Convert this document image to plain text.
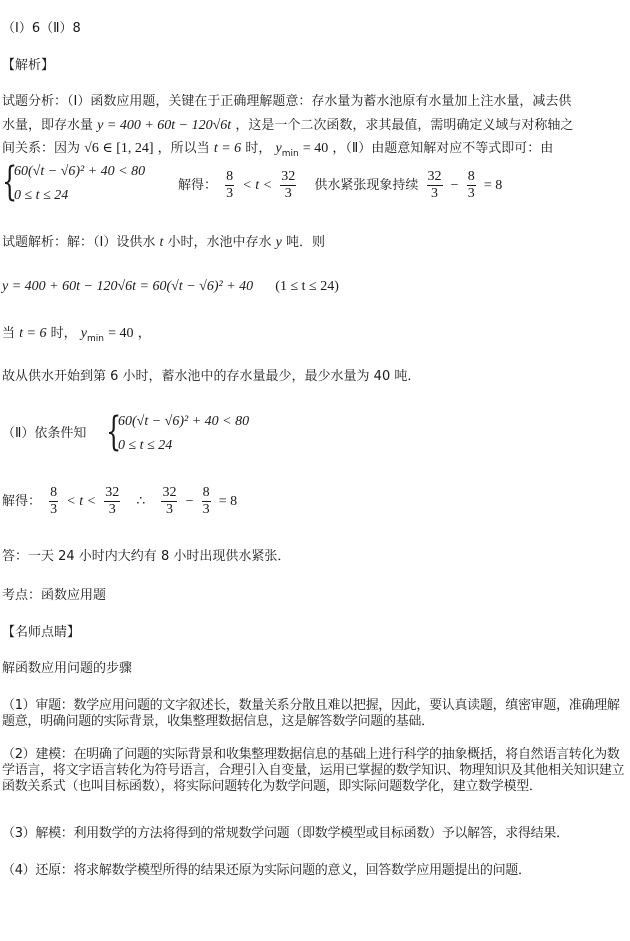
（Ⅰ）6（Ⅱ）8
【解析】
试题分析：（Ⅰ）函数应用题，关键在于正确理解题意：存水量为蓄水池原有水量加上注水量，减去供
水量，即存水量 y = 400 + 60t − 120√6t ，这是一个二次函数，求其最值，需明确定义域与对称轴之
间关系：因为 √6 ∈ [1, 24] ，所以当 t = 6 时， $y_{min} = 40$ ，（Ⅱ）由题意知解对应不等式即可：由
{
60(√t − √6)² + 40 < 80
0 ≤ t ≤ 24
解得： $\frac{8}{3} < t < \frac{32}{3}$ 供水紧张现象持续 $\frac{32}{3} - \frac{8}{3} = 8$
试题解析：解：（Ⅰ）设供水 t 小时，水池中存水 y 吨．则
y = 400 + 60t − 120√6t = 60(√t − √6)² + 40 (1 ≤ t ≤ 24)
当 t = 6 时， $y_{min} = 40$ ，
故从供水开始到第 6 小时，蓄水池中的存水量最少，最少水量为 40 吨．
（Ⅱ）依条件知 {
60(√t − √6)² + 40 < 80
0 ≤ t ≤ 24
解得： $\frac{8}{3} < t < \frac{32}{3}$ ∴ $\frac{32}{3} - \frac{8}{3} = 8$
答：一天 24 小时内大约有 8 小时出现供水紧张．
考点：函数应用题
【名师点睛】
解函数应用问题的步骤
（1）审题：数学应用问题的文字叙述长，数量关系分散且难以把握，因此，要认真读题，缜密审题，准确理解题意，明确问题的实际背景，收集整理数据信息，这是解答数学问题的基础．
（2）建模：在明确了问题的实际背景和收集整理数据信息的基础上进行科学的抽象概括，将自然语言转化为数学语言，将文字语言转化为符号语言，合理引入自变量，运用已掌握的数学知识、物理知识及其他相关知识建立函数关系式（也叫目标函数），将实际问题转化为数学问题，即实际问题数学化，建立数学模型．
（3）解模：利用数学的方法将得到的常规数学问题（即数学模型或目标函数）予以解答，求得结果．
（4）还原：将求解数学模型所得的结果还原为实际问题的意义，回答数学应用题提出的问题．
